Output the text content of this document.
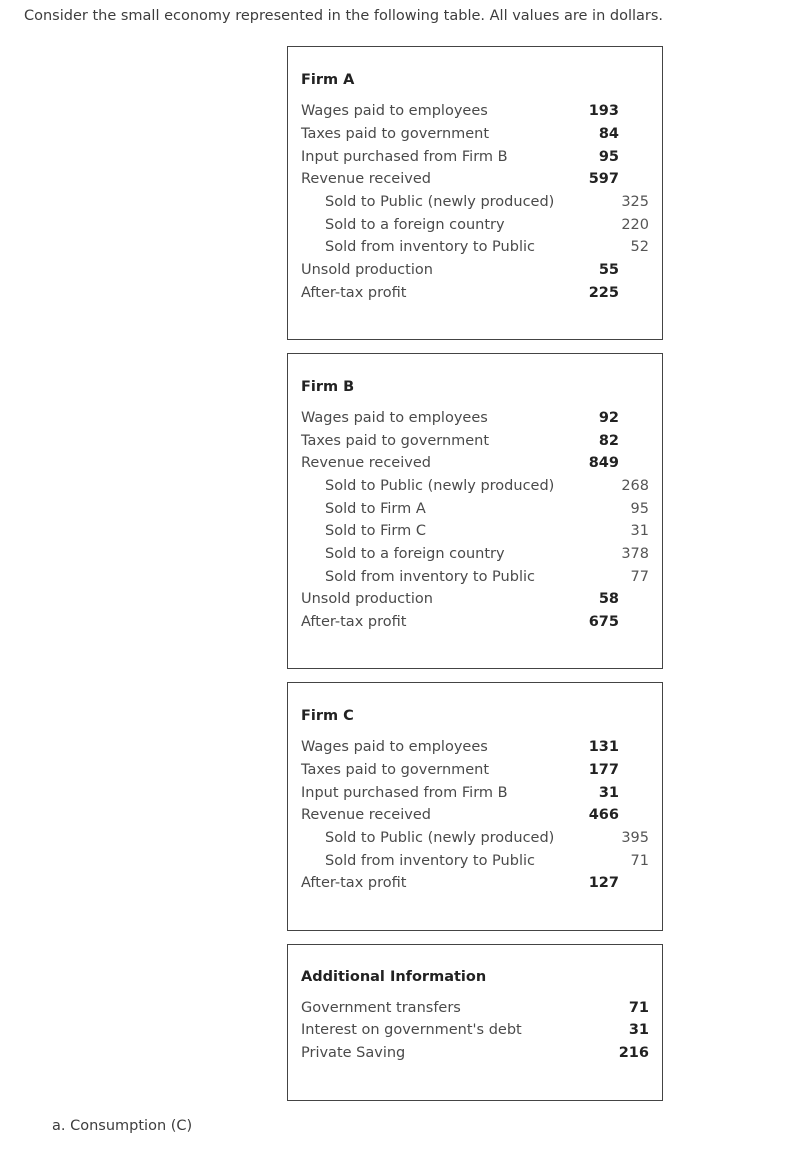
Consider the small economy represented in the following table. All values are in dollars.
Firm A
Wages paid to employees	193
Taxes paid to government	84
Input purchased from Firm B	95
Revenue received	597
Sold to Public (newly produced)	325
Sold to a foreign country	220
Sold from inventory to Public	52
Unsold production	55
After-tax profit	225
Firm B
Wages paid to employees	92
Taxes paid to government	82
Revenue received	849
Sold to Public (newly produced)	268
Sold to Firm A	95
Sold to Firm C	31
Sold to a foreign country	378
Sold from inventory to Public	77
Unsold production	58
After-tax profit	675
Firm C
Wages paid to employees	131
Taxes paid to government	177
Input purchased from Firm B	31
Revenue received	466
Sold to Public (newly produced)	395
Sold from inventory to Public	71
After-tax profit	127
Additional Information
Government transfers	71
Interest on government's debt	31
Private Saving	216
a. Consumption (C)
